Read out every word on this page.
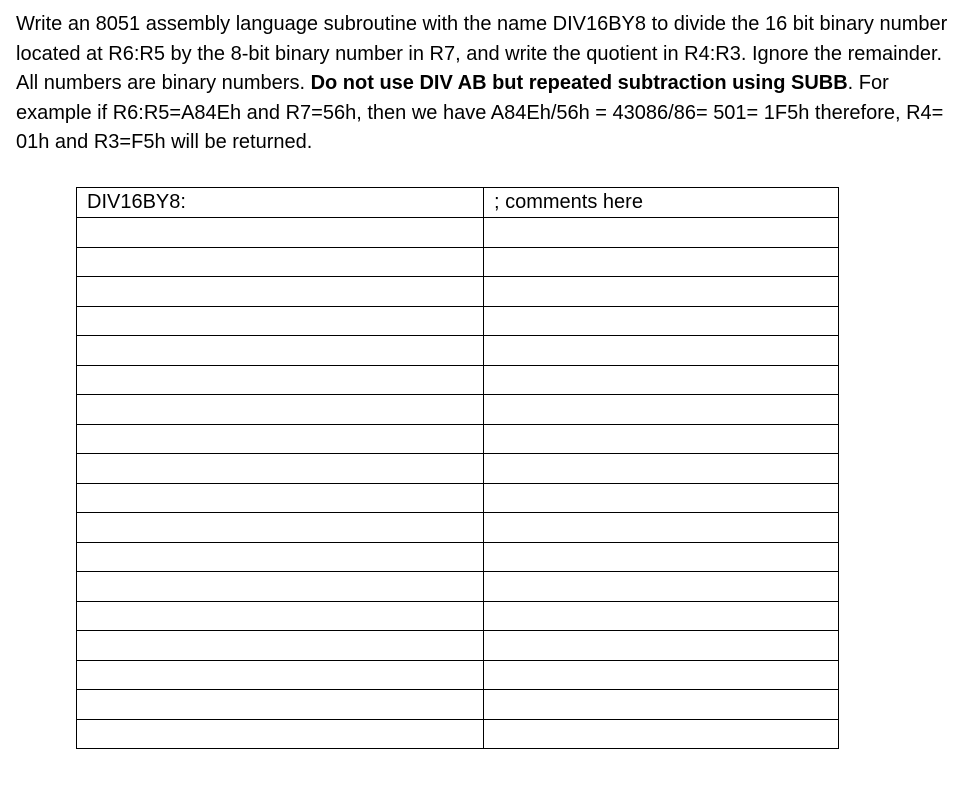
Write an 8051 assembly language subroutine with the name DIV16BY8 to divide the 16 bit binary number located at R6:R5 by the 8-bit binary number in R7, and write the quotient in R4:R3. Ignore the remainder. All numbers are binary numbers. Do not use DIV AB but repeated subtraction using SUBB. For example if R6:R5=A84Eh and R7=56h, then we have A84Eh/56h = 43086/86= 501= 1F5h therefore, R4= 01h and R3=F5h will be returned.

DIV16BY8:	; comments here
